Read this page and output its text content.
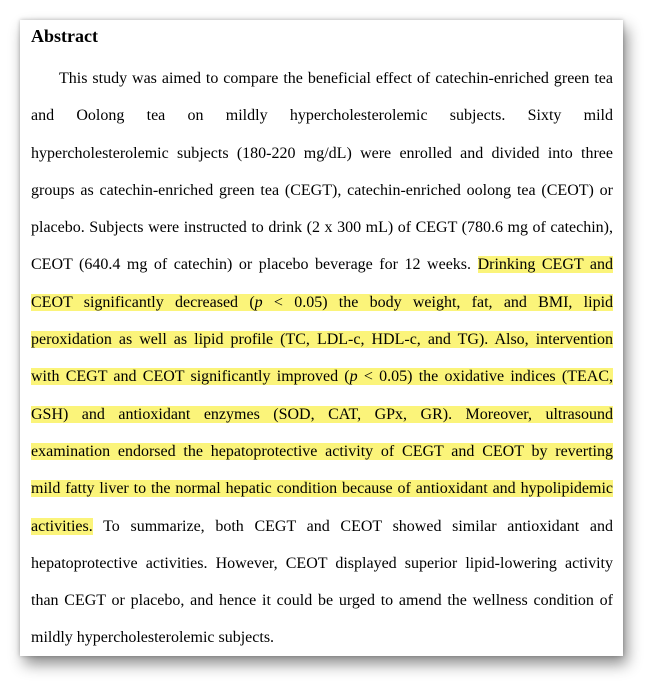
Abstract
This study was aimed to compare the beneficial effect of catechin-enriched green tea
and Oolong tea on mildly hypercholesterolemic subjects. Sixty mild
hypercholesterolemic subjects (180-220 mg/dL) were enrolled and divided into three
groups as catechin-enriched green tea (CEGT), catechin-enriched oolong tea (CEOT) or
placebo. Subjects were instructed to drink (2 x 300 mL) of CEGT (780.6 mg of catechin),
CEOT (640.4 mg of catechin) or placebo beverage for 12 weeks. Drinking CEGT and
CEOT significantly decreased (p < 0.05) the body weight, fat, and BMI, lipid
peroxidation as well as lipid profile (TC, LDL-c, HDL-c, and TG). Also, intervention
with CEGT and CEOT significantly improved (p < 0.05) the oxidative indices (TEAC,
GSH) and antioxidant enzymes (SOD, CAT, GPx, GR). Moreover, ultrasound
examination endorsed the hepatoprotective activity of CEGT and CEOT by reverting
mild fatty liver to the normal hepatic condition because of antioxidant and hypolipidemic
activities. To summarize, both CEGT and CEOT showed similar antioxidant and
hepatoprotective activities. However, CEOT displayed superior lipid-lowering activity
than CEGT or placebo, and hence it could be urged to amend the wellness condition of
mildly hypercholesterolemic subjects.
